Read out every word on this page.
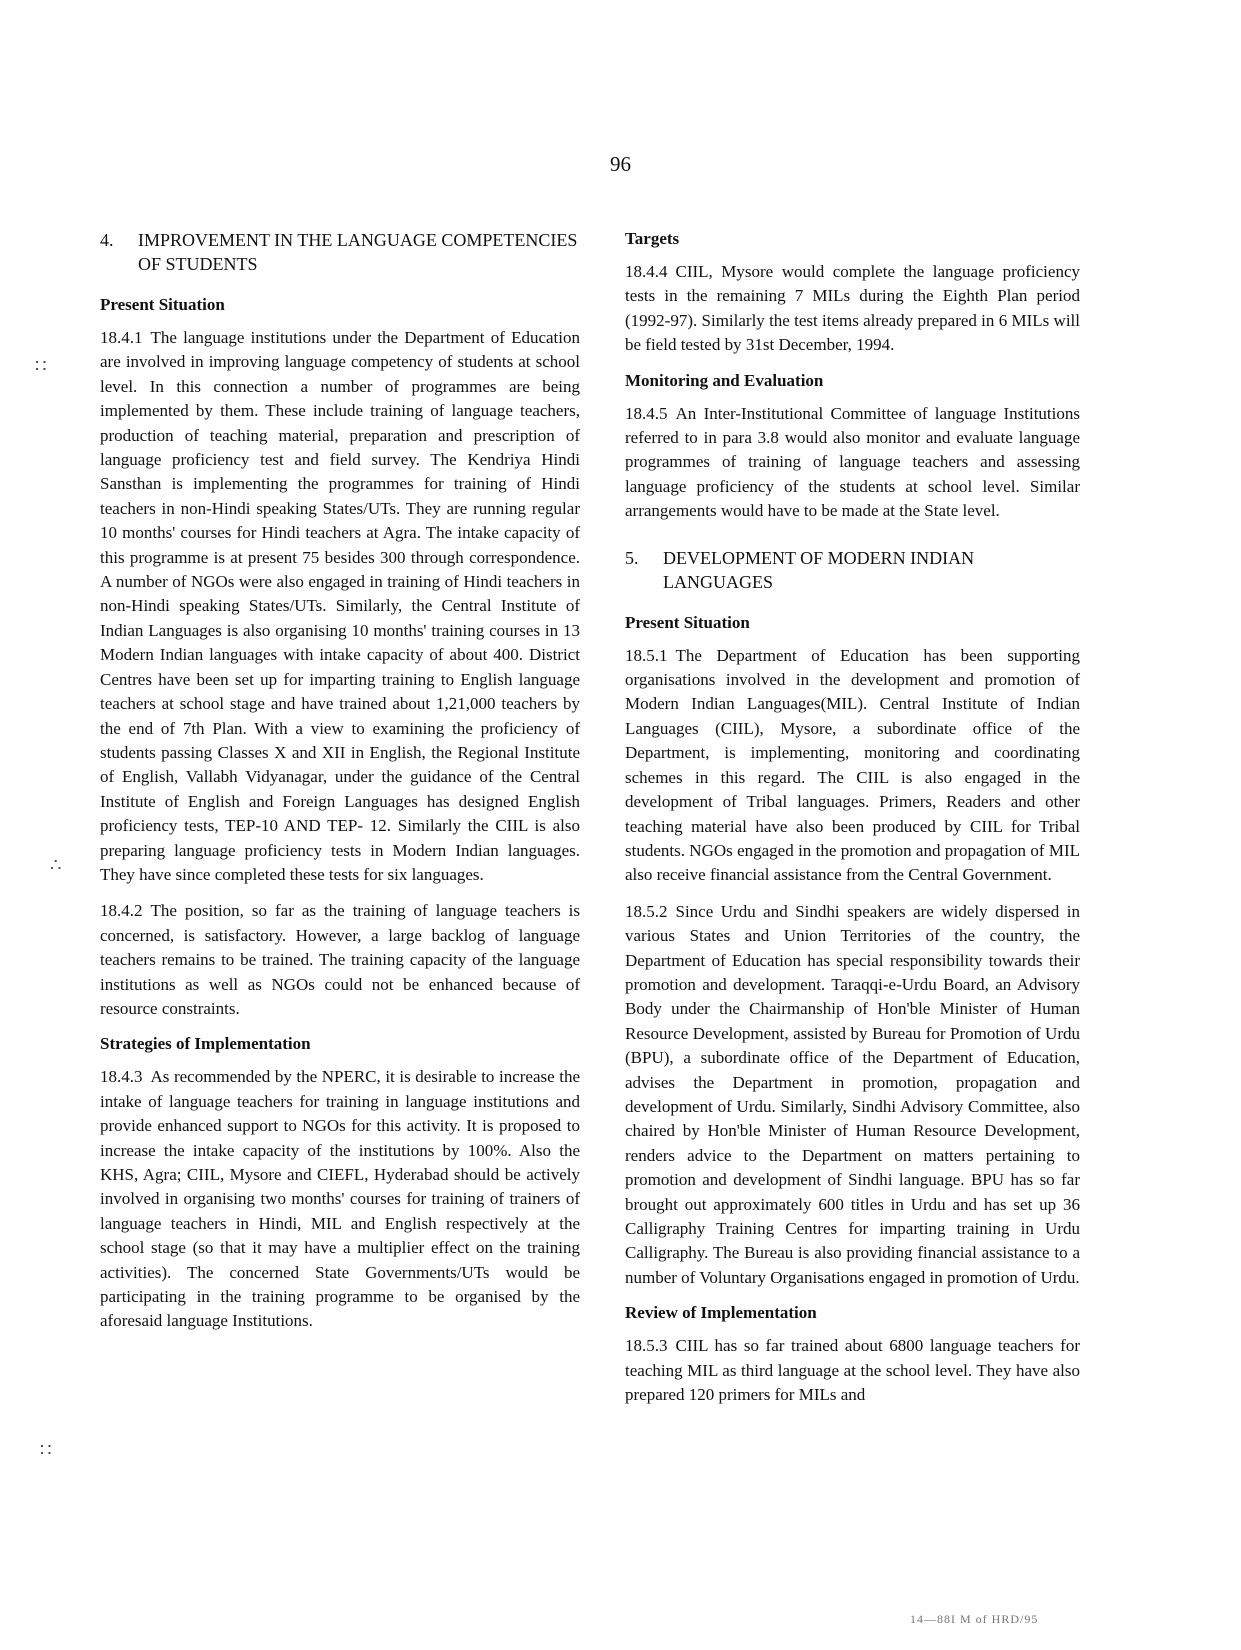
96
∷
∴
∷
4.	IMPROVEMENT IN THE LANGUAGE COMPETENCIES OF STUDENTS
Present Situation

18.4.1 The language institutions under the Department of Education are involved in improving language competency of students at school level. In this connection a number of programmes are being implemented by them. These include training of language teachers, production of teaching material, preparation and prescription of language proficiency test and field survey. The Kendriya Hindi Sansthan is implementing the programmes for training of Hindi teachers in non-Hindi speaking States/UTs. They are running regular 10 months' courses for Hindi teachers at Agra. The intake capacity of this programme is at present 75 besides 300 through correspondence. A number of NGOs were also engaged in training of Hindi teachers in non-Hindi speaking States/UTs. Similarly, the Central Institute of Indian Languages is also organising 10 months' training courses in 13 Modern Indian languages with intake capacity of about 400. District Centres have been set up for imparting training to English language teachers at school stage and have trained about 1,21,000 teachers by the end of 7th Plan. With a view to examining the proficiency of students passing Classes X and XII in English, the Regional Institute of English, Vallabh Vidyanagar, under the guidance of the Central Institute of English and Foreign Languages has designed English proficiency tests, TEP-10 AND TEP- 12. Similarly the CIIL is also preparing language proficiency tests in Modern Indian languages. They have since completed these tests for six languages.

18.4.2 The position, so far as the training of language teachers is concerned, is satisfactory. However, a large backlog of language teachers remains to be trained. The training capacity of the language institutions as well as NGOs could not be enhanced because of resource constraints.

Strategies of Implementation

18.4.3 As recommended by the NPERC, it is desirable to increase the intake of language teachers for training in language institutions and provide enhanced support to NGOs for this activity. It is proposed to increase the intake capacity of the institutions by 100%. Also the KHS, Agra; CIIL, Mysore and CIEFL, Hyderabad should be actively involved in organising two months' courses for training of trainers of language teachers in Hindi, MIL and English respectively at the school stage (so that it may have a multiplier effect on the training activities). The concerned State Governments/UTs would be participating in the training programme to be organised by the aforesaid language Institutions.

Targets

18.4.4 CIIL, Mysore would complete the language proficiency tests in the remaining 7 MILs during the Eighth Plan period (1992-97). Similarly the test items already prepared in 6 MILs will be field tested by 31st December, 1994.

Monitoring and Evaluation

18.4.5 An Inter-Institutional Committee of language Institutions referred to in para 3.8 would also monitor and evaluate language programmes of training of language teachers and assessing language proficiency of the students at school level. Similar arrangements would have to be made at the State level.

5.	DEVELOPMENT OF MODERN INDIAN LANGUAGES
Present Situation

18.5.1 The Department of Education has been supporting organisations involved in the development and promotion of Modern Indian Languages(MIL). Central Institute of Indian Languages (CIIL), Mysore, a subordinate office of the Department, is implementing, monitoring and coordinating schemes in this regard. The CIIL is also engaged in the development of Tribal languages. Primers, Readers and other teaching material have also been produced by CIIL for Tribal students. NGOs engaged in the promotion and propagation of MIL also receive financial assistance from the Central Government.

18.5.2 Since Urdu and Sindhi speakers are widely dispersed in various States and Union Territories of the country, the Department of Education has special responsibility towards their promotion and development. Taraqqi-e-Urdu Board, an Advisory Body under the Chairmanship of Hon'ble Minister of Human Resource Development, assisted by Bureau for Promotion of Urdu (BPU), a subordinate office of the Department of Education, advises the Department in promotion, propagation and development of Urdu. Similarly, Sindhi Advisory Committee, also chaired by Hon'ble Minister of Human Resource Development, renders advice to the Department on matters pertaining to promotion and development of Sindhi language. BPU has so far brought out approximately 600 titles in Urdu and has set up 36 Calligraphy Training Centres for imparting training in Urdu Calligraphy. The Bureau is also providing financial assistance to a number of Voluntary Organisations engaged in promotion of Urdu.

Review of Implementation

18.5.3 CIIL has so far trained about 6800 language teachers for teaching MIL as third language at the school level. They have also prepared 120 primers for MILs and

14—88I M of HRD/95
